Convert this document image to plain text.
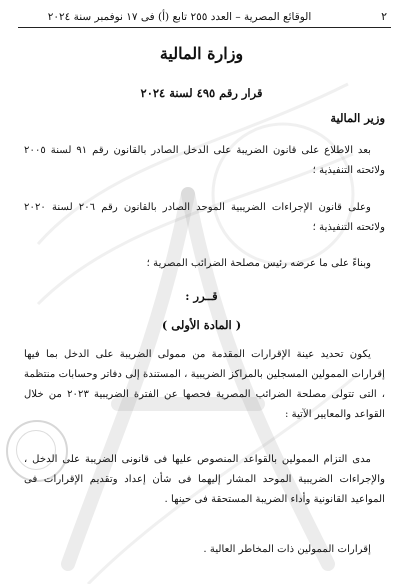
٢
الوقائع المصرية – العدد ٢٥٥ تابع (أ) فى ١٧ نوفمبر سنة ٢٠٢٤
وزارة المالية
قرار رقم ٤٩٥ لسنة ٢٠٢٤
وزير المالية
بعد الاطلاع على قانون الضريبة على الدخل الصادر بالقانون رقم ٩١ لسنة ٢٠٠٥ ولائحته التنفيذية ؛
وعلى قانون الإجراءات الضريبية الموحد الصادر بالقانون رقم ٢٠٦ لسنة ٢٠٢٠ ولائحته التنفيذية ؛
وبناءً على ما عرضه رئيس مصلحة الضرائب المصرية ؛
قــرر :
( المادة الأولى )
يكون تحديد عينة الإقرارات المقدمة من ممولى الضريبة على الدخل بما فيها إقرارات الممولين المسجلين بالمراكز الضريبية ، المستندة إلى دفاتر وحسابات منتظمة ، التى تتولى مصلحة الضرائب المصرية فحصها عن الفترة الضريبية ٢٠٢٣ من خلال القواعد والمعايير الآتية :
مدى التزام الممولين بالقواعد المنصوص عليها فى قانونى الضريبة على الدخل ، والإجراءات الضريبية الموحد المشار إليهما فى شأن إعداد وتقديم الإقرارات فى المواعيد القانونية وأداء الضريبة المستحقة فى حينها .
إقرارات الممولين ذات المخاطر العالية .
